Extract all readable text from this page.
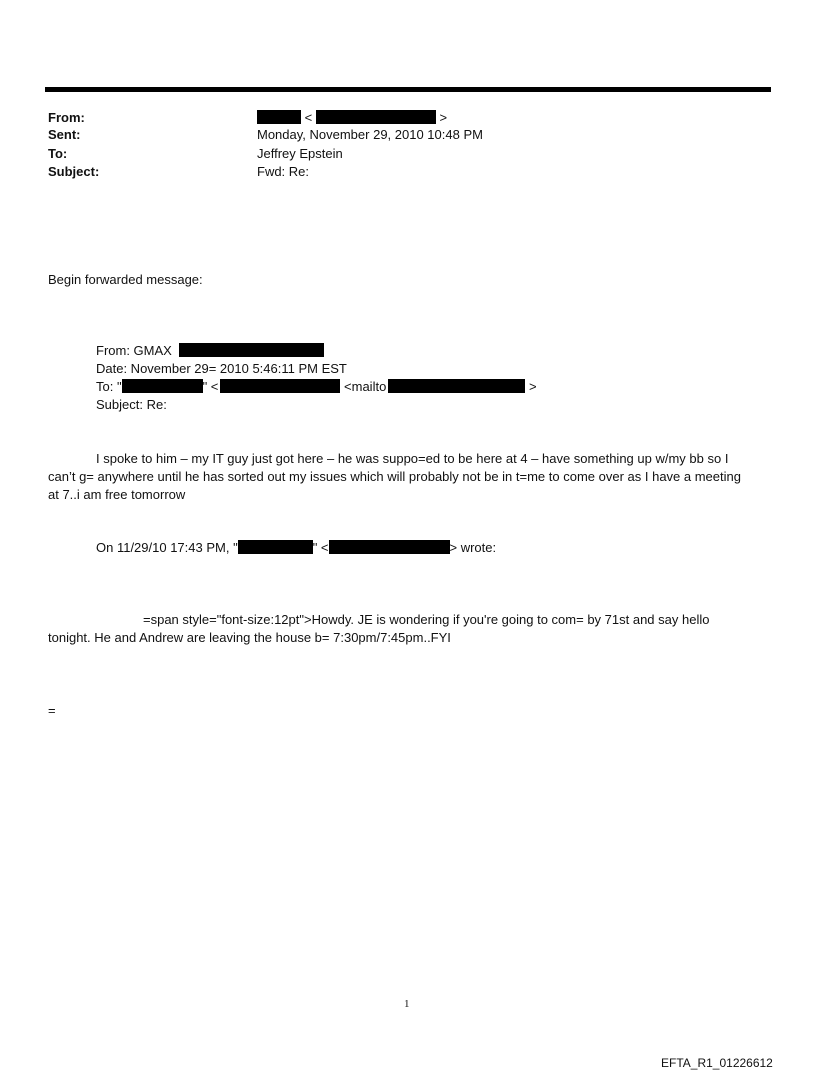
From:	<	>
Sent:	Monday, November 29, 2010 10:48 PM
To:	Jeffrey Epstein
Subject:	Fwd: Re:
Begin forwarded message:
From: GMAX
Date: November 29= 2010 5:46:11 PM EST
To: "	" <	<mailto	>
Subject: Re:
I spoke to him – my IT guy just got here – he was suppo=ed to be here at 4 – have something up w/my bb so I
can’t g= anywhere until he has sorted out my issues which will probably not be in t=me to come over as I have a meeting
at 7..i am free tomorrow
On 11/29/10 17:43 PM, "	" <	> wrote:
=span style="font-size:12pt">Howdy. JE is wondering if you're going to com= by 71st and say hello
tonight. He and Andrew are leaving the house b= 7:30pm/7:45pm..FYI
=
1
EFTA_R1_01226612
